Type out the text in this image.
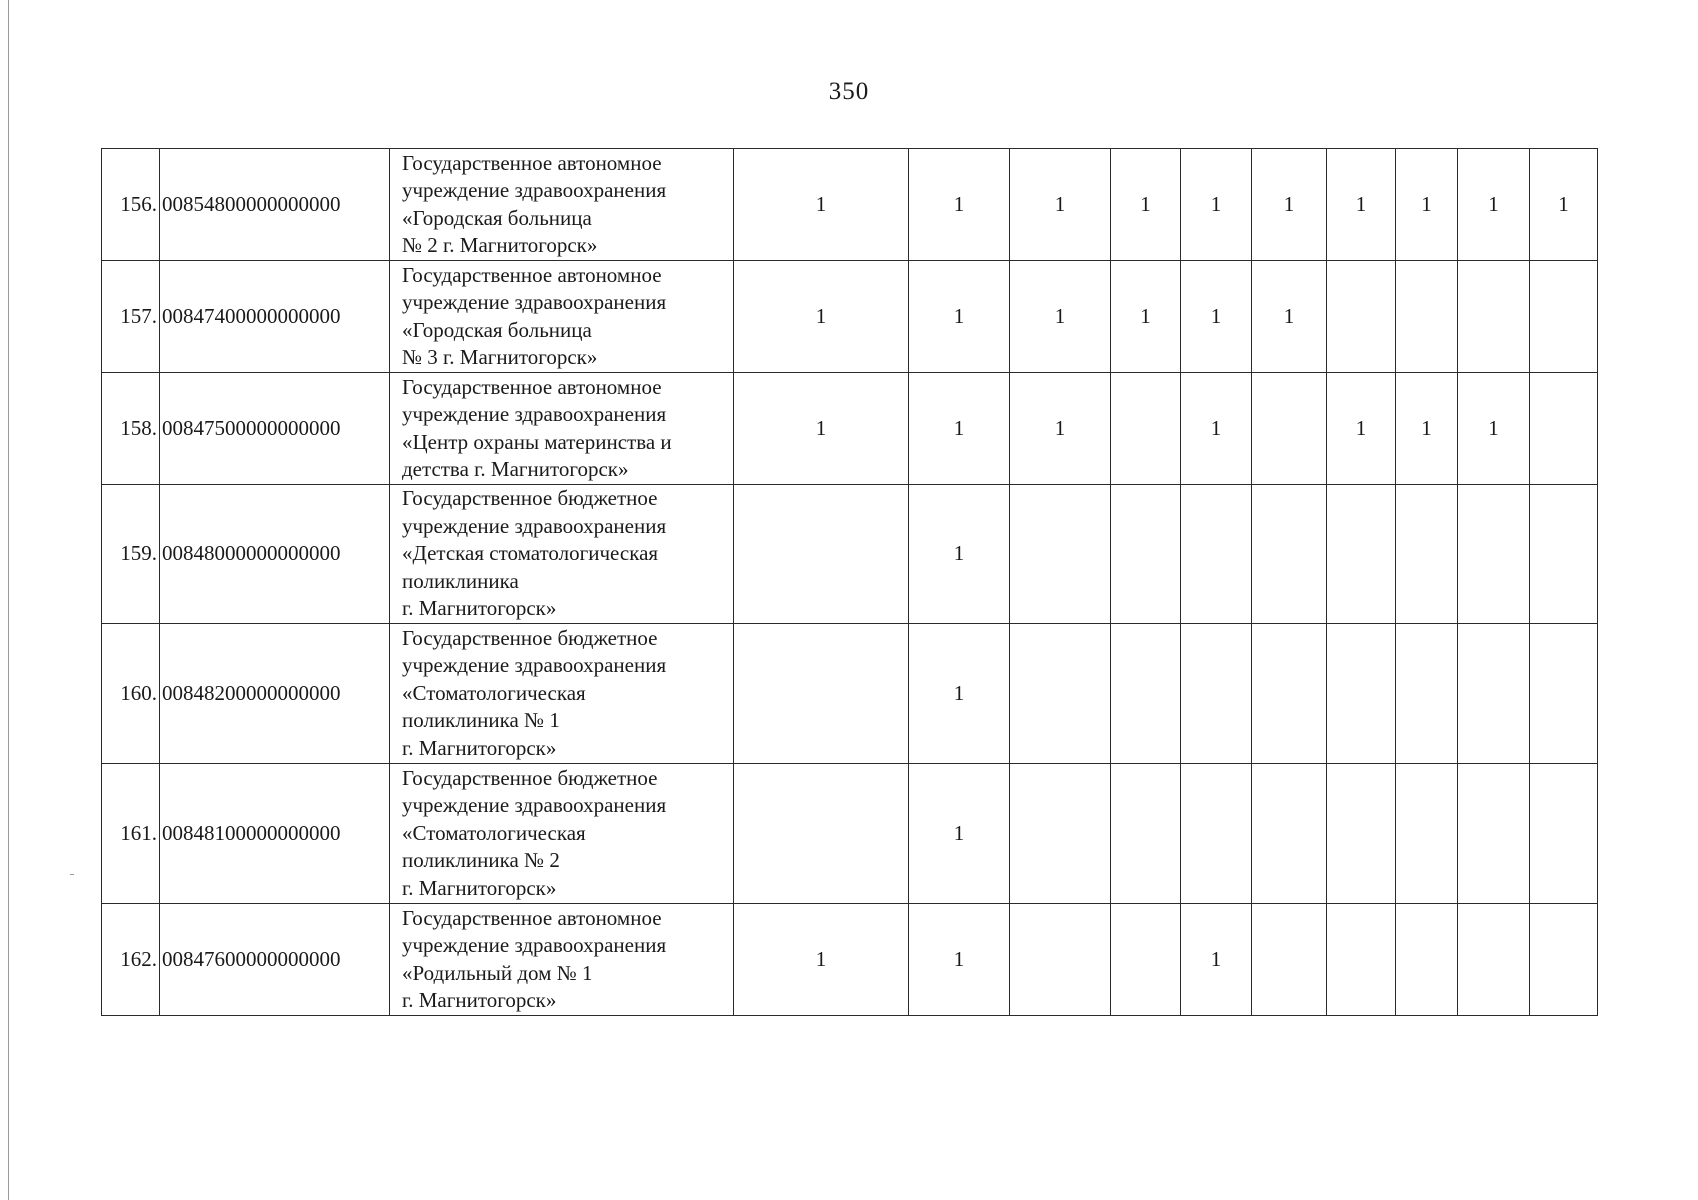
350
156.	00854800000000000	Государственное автономное
учреждение здравоохранения
«Городская больница
№ 2 г. Магнитогорск»	1	1	1	1	1	1	1	1	1	1
157.	00847400000000000	Государственное автономное
учреждение здравоохранения
«Городская больница
№ 3 г. Магнитогорск»	1	1	1	1	1	1				
158.	00847500000000000	Государственное автономное
учреждение здравоохранения
«Центр охраны материнства и
детства г. Магнитогорск»	1	1	1		1		1	1	1	
159.	00848000000000000	Государственное бюджетное
учреждение здравоохранения
«Детская стоматологическая
поликлиника
г. Магнитогорск»		1								
160.	00848200000000000	Государственное бюджетное
учреждение здравоохранения
«Стоматологическая
поликлиника № 1
г. Магнитогорск»		1								
161.	00848100000000000	Государственное бюджетное
учреждение здравоохранения
«Стоматологическая
поликлиника № 2
г. Магнитогорск»		1								
162.	00847600000000000	Государственное автономное
учреждение здравоохранения
«Родильный дом № 1
г. Магнитогорск»	1	1			1					
